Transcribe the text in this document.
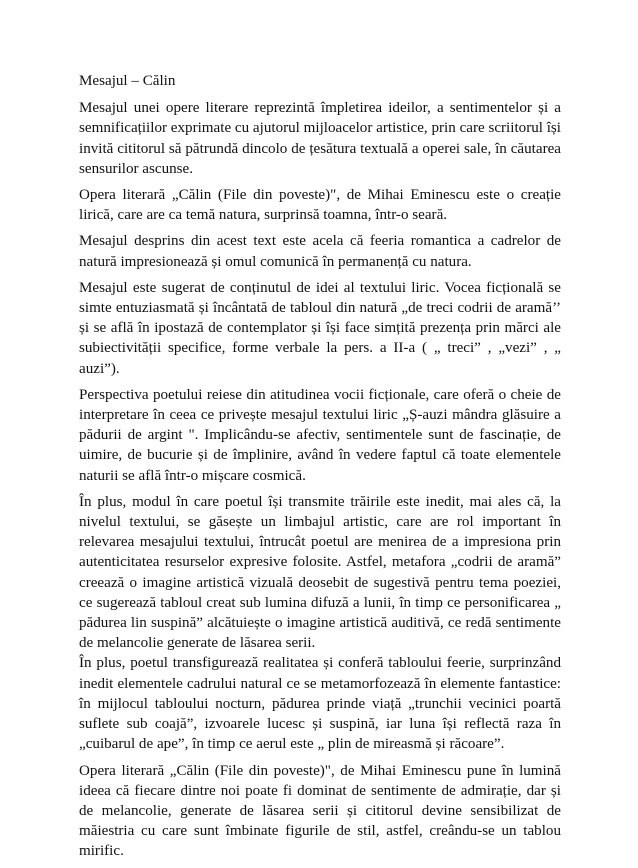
Mesajul – Călin

Mesajul unei opere literare reprezintă împletirea ideilor, a sentimentelor și a semnificațiilor exprimate cu ajutorul mijloacelor artistice, prin care scriitorul își invită cititorul să pătrundă dincolo de țesătura textuală a operei sale, în căutarea sensurilor ascunse.

Opera literară „Călin (File din poveste)", de Mihai Eminescu este o creație lirică, care are ca temă natura, surprinsă toamna, într-o seară.

Mesajul desprins din acest text este acela că feeria romantica a cadrelor de natură impresionează și omul comunică în permanență cu natura.

Mesajul este sugerat de conținutul de idei al textului liric. Vocea ficțională se simte entuziasmată și încântată de tabloul din natură „de treci codrii de aramă’’ și se află în ipostază de contemplator și își face simțită prezența prin mărci ale subiectivității specifice, forme verbale la pers. a II-a ( „ treci” , „vezi” , „ auzi”).

Perspectiva poetului reiese din atitudinea vocii ficționale, care oferă o cheie de interpretare în ceea ce privește mesajul textului liric „Ș-auzi mândra glăsuire a pădurii de argint ". Implicându-se afectiv, sentimentele sunt de fascinație, de uimire, de bucurie și de împlinire, având în vedere faptul că toate elementele naturii se află într-o mișcare cosmică.

În plus, modul în care poetul își transmite trăirile este inedit, mai ales că, la nivelul textului, se găsește un limbajul artistic, care are rol important în relevarea mesajului textului, întrucât poetul are menirea de a impresiona prin autenticitatea resurselor expresive folosite. Astfel, metafora „codrii de aramă” creează o imagine artistică vizuală deosebit de sugestivă pentru tema poeziei, ce sugerează tabloul creat sub lumina difuză a lunii, în timp ce personificarea „ pădurea lin suspină” alcătuiește o imagine artistică auditivă, ce redă sentimente de melancolie generate de lăsarea serii.

În plus, poetul transfigurează realitatea și conferă tabloului feerie, surprinzând inedit elementele cadrului natural ce se metamorfozează în elemente fantastice: în mijlocul tabloului nocturn, pădurea prinde viață „trunchii vecinici poartă suflete sub coajă”, izvoarele lucesc și suspină, iar luna își reflectă raza în „cuibarul de ape”, în timp ce aerul este „ plin de mireasmă și răcoare”.

Opera literară „Călin (File din poveste)", de Mihai Eminescu pune în lumină ideea că fiecare dintre noi poate fi dominat de sentimente de admirație, dar și de melancolie, generate de lăsarea serii și cititorul devine sensibilizat de măiestria cu care sunt îmbinate figurile de stil, astfel, creându-se un tablou mirific.
